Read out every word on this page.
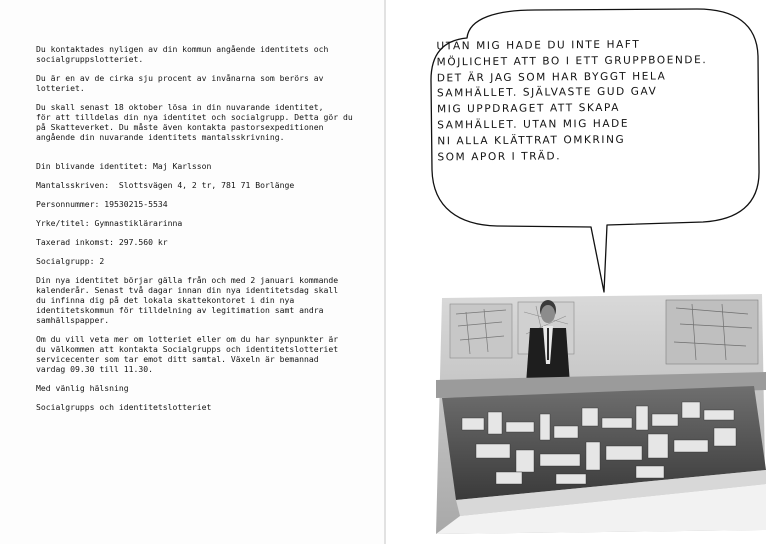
Du kontaktades nyligen av din kommun angående identitets och
socialgruppslotteriet.

Du är en av de cirka sju procent av invånarna som berörs av
lotteriet.

Du skall senast 18 oktober lösa in din nuvarande identitet,
för att tilldelas din nya identitet och socialgrupp. Detta gör du
på Skatteverket. Du måste även kontakta pastorsexpeditionen
angående din nuvarande identitets mantalsskrivning.

Din blivande identitet: Maj Karlsson

Mantalsskriven:  Slottsvägen 4, 2 tr, 781 71 Borlänge

Personnummer: 19530215-5534

Yrke/titel: Gymnastiklärarinna

Taxerad inkomst: 297.560 kr

Socialgrupp: 2

Din nya identitet börjar gälla från och med 2 januari kommande
kalenderår. Senast två dagar innan din nya identitetsdag skall
du infinna dig på det lokala skattekontoret i din nya
identitetskommun för tilldelning av legitimation samt andra
samhällspapper.

Om du vill veta mer om lotteriet eller om du har synpunkter är
du välkommen att kontakta Socialgrupps och identitetslotteriet
servicecenter som tar emot ditt samtal. Växeln är bemannad
vardag 09.30 till 11.30.

Med vänlig hälsning

Socialgrupps och identitetslotteriet

UTAN MIG HADE DU INTE HAFT
MÖJLICHET ATT BO I ETT GRUPPBOENDE.
DET ÄR JAG SOM HAR BYGGT HELA
SAMHÄLLET. SJÄLVASTE GUD GAV
MIG UPPDRAGET ATT SKAPA
SAMHÄLLET. UTAN MIG HADE
NI ALLA KLÄTTRAT OMKRING
SOM APOR I TRÄD.
